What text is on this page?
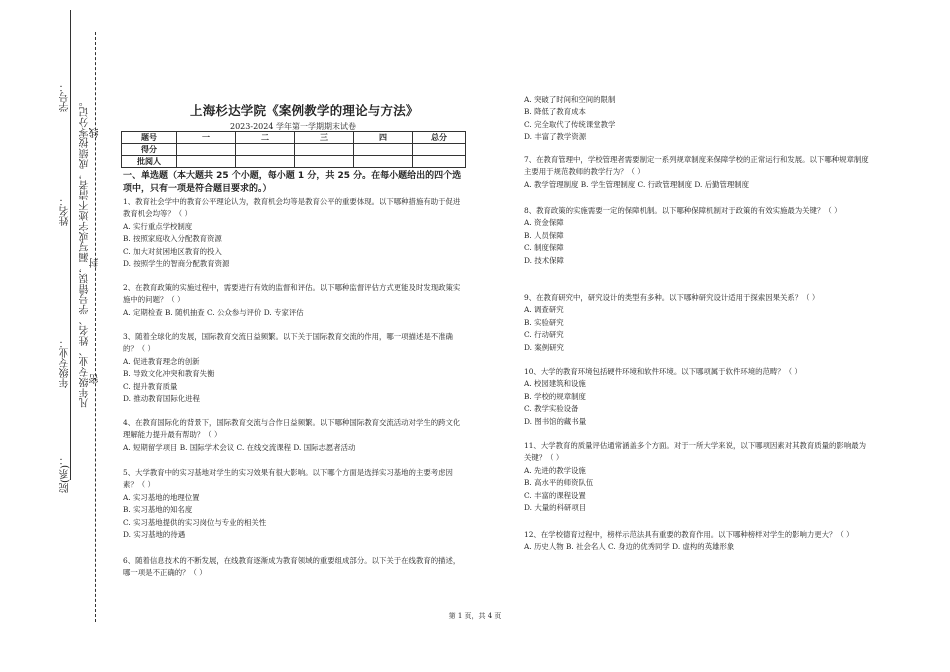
学号：
姓名：
年级专业：
院(系)：
凡年级专业、姓名、学号错误，漏写或字迹不清者，成绩按零分记。 线
封
密
上海杉达学院《案例教学的理论与方法》
2023-2024 学年第一学期期末试卷
题号	一	二	三	四	总分
得分					
批阅人					
一、单选题（本大题共 25 个小题，每小题 1 分，共 25 分。在每小题给出的四个选项中，只有一项是符合题目要求的。）
1、教育社会学中的教育公平理论认为，教育机会均等是教育公平的重要体现。以下哪种措施有助于促进教育机会均等？（ ）
A. 实行重点学校制度
B. 按照家庭收入分配教育资源
C. 加大对贫困地区教育的投入
D. 按照学生的智商分配教育资源
2、在教育政策的实施过程中，需要进行有效的监督和评估。以下哪种监督评估方式更能及时发现政策实施中的问题？（ ）
A. 定期检查 B. 随机抽查 C. 公众参与评价 D. 专家评估
3、随着全球化的发展，国际教育交流日益频繁。以下关于国际教育交流的作用，哪一项描述是不准确的？（ ）
A. 促进教育理念的创新
B. 导致文化冲突和教育失衡
C. 提升教育质量
D. 推动教育国际化进程
4、在教育国际化的背景下，国际教育交流与合作日益频繁。以下哪种国际教育交流活动对学生的跨文化理解能力提升最有帮助？（ ）
A. 短期留学项目 B. 国际学术会议 C. 在线交流课程 D. 国际志愿者活动
5、大学教育中的实习基地对学生的实习效果有很大影响。以下哪个方面是选择实习基地的主要考虑因素？（ ）
A. 实习基地的地理位置
B. 实习基地的知名度
C. 实习基地提供的实习岗位与专业的相关性
D. 实习基地的待遇
6、随着信息技术的不断发展，在线教育逐渐成为教育领域的重要组成部分。以下关于在线教育的描述，哪一项是不正确的？（ ）
A. 突破了时间和空间的限制
B. 降低了教育成本
C. 完全取代了传统课堂教学
D. 丰富了教学资源
7、在教育管理中，学校管理者需要制定一系列规章制度来保障学校的正常运行和发展。以下哪种规章制度主要用于规范教师的教学行为？（ ）
A. 教学管理制度 B. 学生管理制度 C. 行政管理制度 D. 后勤管理制度
8、教育政策的实施需要一定的保障机制。以下哪种保障机制对于政策的有效实施最为关键？（ ）
A. 资金保障
B. 人员保障
C. 制度保障
D. 技术保障
9、在教育研究中，研究设计的类型有多种。以下哪种研究设计适用于探索因果关系？（ ）
A. 调查研究
B. 实验研究
C. 行动研究
D. 案例研究
10、大学的教育环境包括硬件环境和软件环境。以下哪项属于软件环境的范畴？（ ）
A. 校园建筑和设施
B. 学校的规章制度
C. 教学实验设备
D. 图书馆的藏书量
11、大学教育的质量评估通常涵盖多个方面。对于一所大学来说，以下哪项因素对其教育质量的影响最为关键？（ ）
A. 先进的教学设施
B. 高水平的师资队伍
C. 丰富的课程设置
D. 大量的科研项目
12、在学校德育过程中，榜样示范法具有重要的教育作用。以下哪种榜样对学生的影响力更大？（ ）
A. 历史人物 B. 社会名人 C. 身边的优秀同学 D. 虚构的英雄形象
第 1 页，共 4 页
